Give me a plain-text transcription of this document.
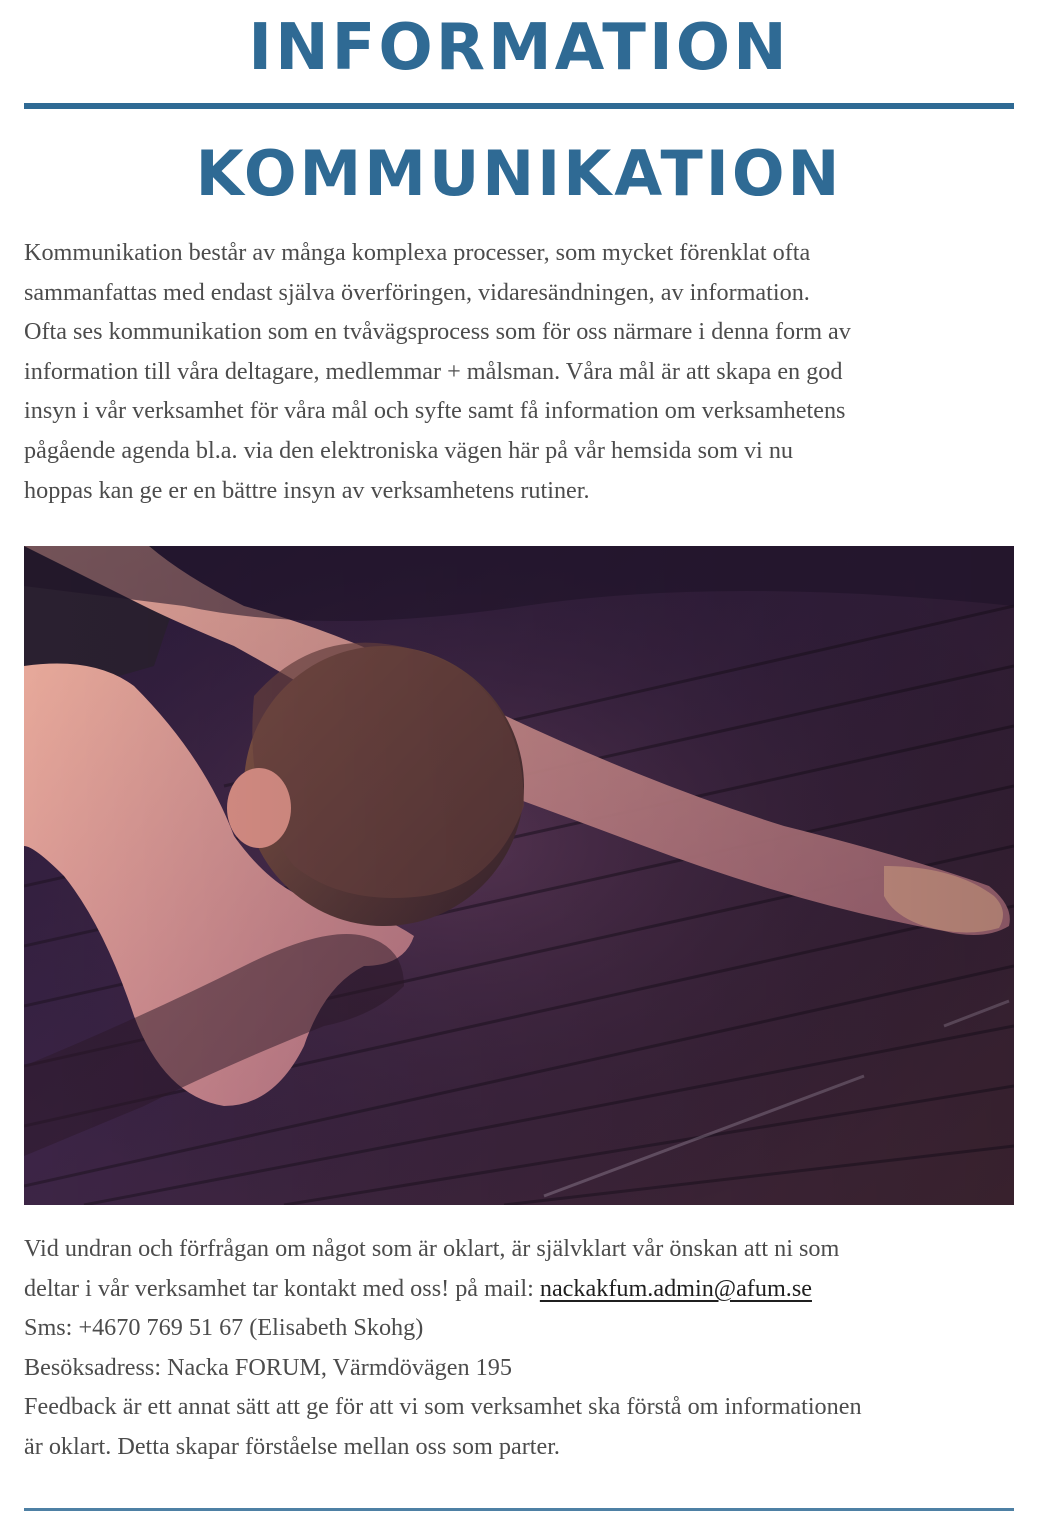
INFORMATION
KOMMUNIKATION

Kommunikation består av många komplexa processer, som mycket förenklat ofta
sammanfattas med endast själva överföringen, vidaresändningen, av information.
Ofta ses kommunikation som en tvåvägsprocess som för oss närmare i denna form av
information till våra deltagare, medlemmar + målsman. Våra mål är att skapa en god
insyn i vår verksamhet för våra mål och syfte samt få information om verksamhetens
pågående agenda bl.a. via den elektroniska vägen här på vår hemsida som vi nu
hoppas kan ge er en bättre insyn av verksamhetens rutiner.

Vid undran och förfrågan om något som är oklart, är självklart vår önskan att ni som
deltar i vår verksamhet tar kontakt med oss! på mail: nackakfum.admin@afum.se
Sms: +4670 769 51 67 (Elisabeth Skohg)
Besöksadress: Nacka FORUM, Värmdövägen 195
Feedback är ett annat sätt att ge för att vi som verksamhet ska förstå om informationen
är oklart. Detta skapar förståelse mellan oss som parter.
